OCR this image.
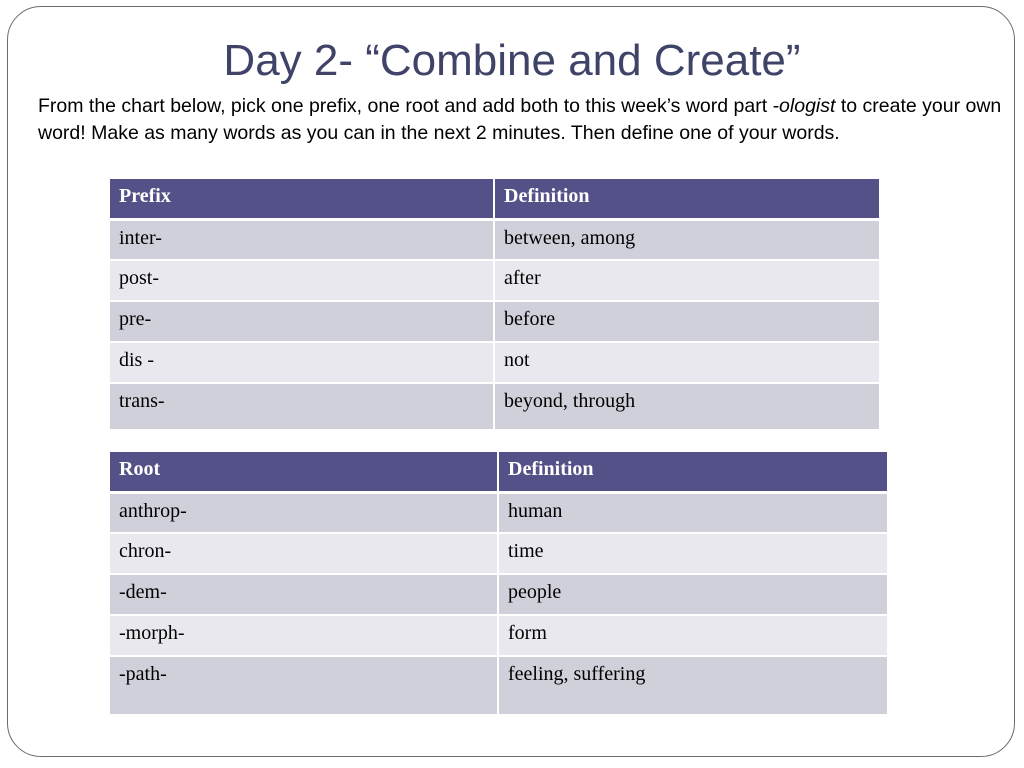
Day 2- “Combine and Create”
From the chart below, pick one prefix, one root and add both to this week’s word part -ologist to create your own word! Make as many words as you can in the next 2 minutes. Then define one of your words.
Prefix	Definition
inter-	between, among
post-	after
pre-	before
dis -	not
trans-	beyond, through
Root	Definition
anthrop-	human
chron-	time
-dem-	people
-morph-	form
-path-	feeling, suffering
